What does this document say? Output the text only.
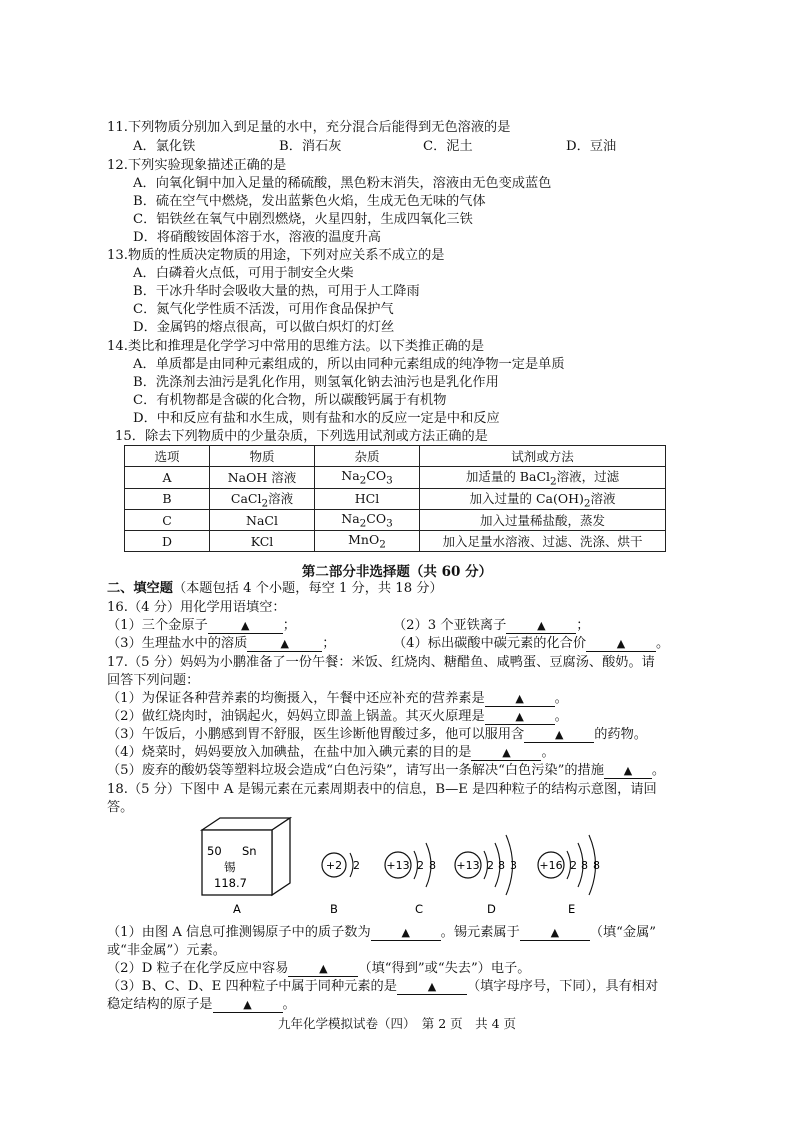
11.下列物质分别加入到足量的水中，充分混合后能得到无色溶液的是
A．氯化铁	B．消石灰	C．泥土	D．豆油
12.下列实验现象描述正确的是
A．向氧化铜中加入足量的稀硫酸，黑色粉末消失，溶液由无色变成蓝色
B．硫在空气中燃烧，发出蓝紫色火焰，生成无色无味的气体
C．铝铁丝在氧气中剧烈燃烧，火星四射，生成四氧化三铁
D．将硝酸铵固体溶于水，溶液的温度升高
13.物质的性质决定物质的用途，下列对应关系不成立的是
A．白磷着火点低，可用于制安全火柴
B．干冰升华时会吸收大量的热，可用于人工降雨
C．氮气化学性质不活泼，可用作食品保护气
D．金属钨的熔点很高，可以做白炽灯的灯丝
14.类比和推理是化学学习中常用的思维方法。以下类推正确的是
A．单质都是由同种元素组成的，所以由同种元素组成的纯净物一定是单质
B．洗涤剂去油污是乳化作用，则氢氧化钠去油污也是乳化作用
C．有机物都是含碳的化合物，所以碳酸钙属于有机物
D．中和反应有盐和水生成，则有盐和水的反应一定是中和反应
15．除去下列物质中的少量杂质，下列选用试剂或方法正确的是
选项	物质	杂质	试剂或方法
A	NaOH 溶液	$Na_2CO_3$	加适量的 BaCl$_2$溶液，过滤
B	CaCl$_2$溶液	HCl	加入过量的 $Ca(OH)_2$溶液
C	NaCl	$Na_2CO_3$	加入过量稀盐酸，蒸发
D	KCl	MnO$_2$	加入足量水溶液、过滤、洗涤、烘干
第二部分非选择题（共 60 分）
二、填空题（本题包括 4 个小题，每空 1 分，共 18 分）
16.（4 分）用化学用语填空：
（1）三个金原子	▲	；	（2）3 个亚铁离子	▲ ；
（3）生理盐水中的溶质	▲	；	（4）标出碳酸中碳元素的化合价	▲ 。
17.（5 分）妈妈为小鹏准备了一份午餐：米饭、红烧肉、糖醋鱼、咸鸭蛋、豆腐汤、酸奶。请
回答下列问题：
（1）为保证各种营养素的均衡摄入，午餐中还应补充的营养素是	▲ 。
（2）做红烧肉时，油锅起火，妈妈立即盖上锅盖。其灭火原理是	▲ 。
（3）午饭后，小鹏感到胃不舒服，医生诊断他胃酸过多，他可以服用含	▲ 的药物。
（4）烧菜时，妈妈要放入加碘盐，在盐中加入碘元素的目的是	▲ 。
（5）废弃的酸奶袋等塑料垃圾会造成“白色污染”，请写出一条解决“白色污染”的措施 ▲ 。
18.（5 分）下图中 A 是锡元素在元素周期表中的信息，B—E 是四种粒子的结构示意图，请回
答。
50 Sn
锡
118.7
A
+2 2
B
+13 2 8
C
+13 2 8 3
D
+16 2 8 8
E
（1）由图 A 信息可推测锡原子中的质子数为	▲ 。锡元素属于	▲ （填“金属”
或“非金属”）元素。
（2）D 粒子在化学反应中容易	▲ （填“得到”或“失去”）电子。
（3）B、C、D、E 四种粒子中属于同种元素的是	▲ （填字母序号，下同），具有相对
稳定结构的原子是	▲ 。
九年化学模拟试卷（四）　第 2 页　共 4 页
